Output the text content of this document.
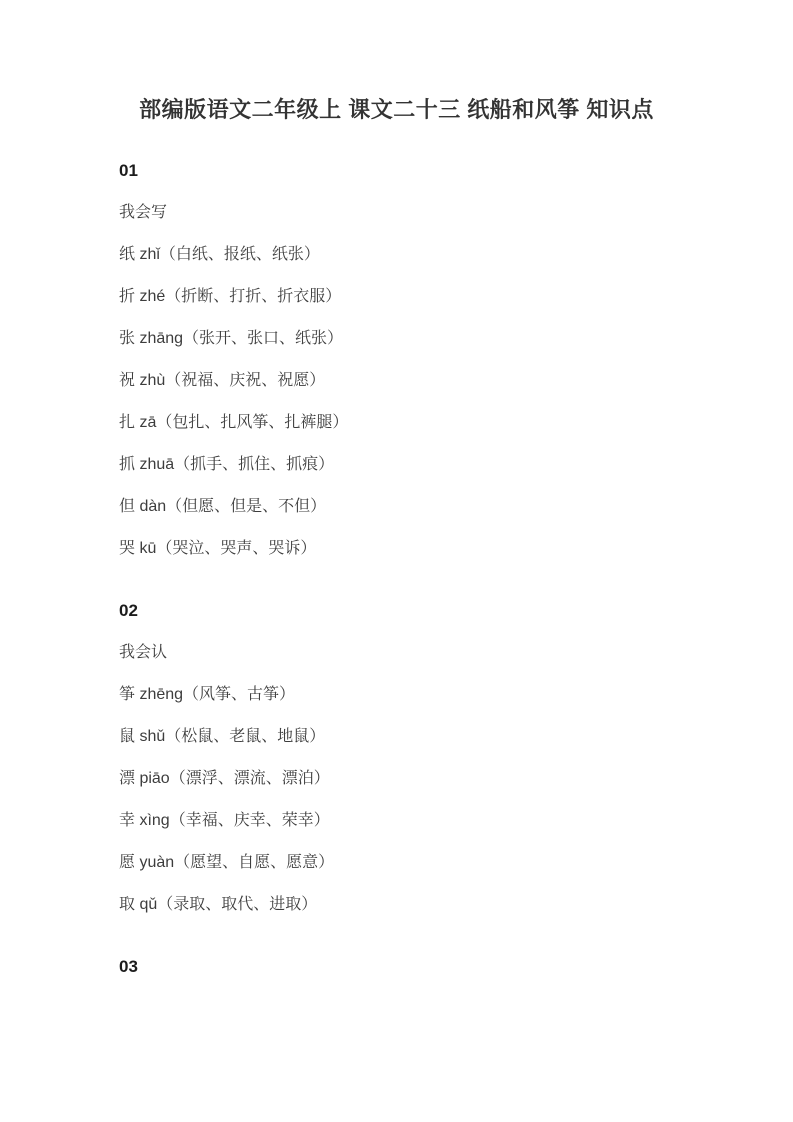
部编版语文二年级上 课文二十三 纸船和风筝 知识点

01

我会写

纸 zhǐ（白纸、报纸、纸张）

折 zhé（折断、打折、折衣服）

张 zhāng（张开、张口、纸张）

祝 zhù（祝福、庆祝、祝愿）

扎 zā（包扎、扎风筝、扎裤腿）

抓 zhuā（抓手、抓住、抓痕）

但 dàn（但愿、但是、不但）

哭 kū（哭泣、哭声、哭诉）

02

我会认

筝 zhēng（风筝、古筝）

鼠 shǔ（松鼠、老鼠、地鼠）

漂 piāo（漂浮、漂流、漂泊）

幸 xìng（幸福、庆幸、荣幸）

愿 yuàn（愿望、自愿、愿意）

取 qǔ（录取、取代、进取）

03
